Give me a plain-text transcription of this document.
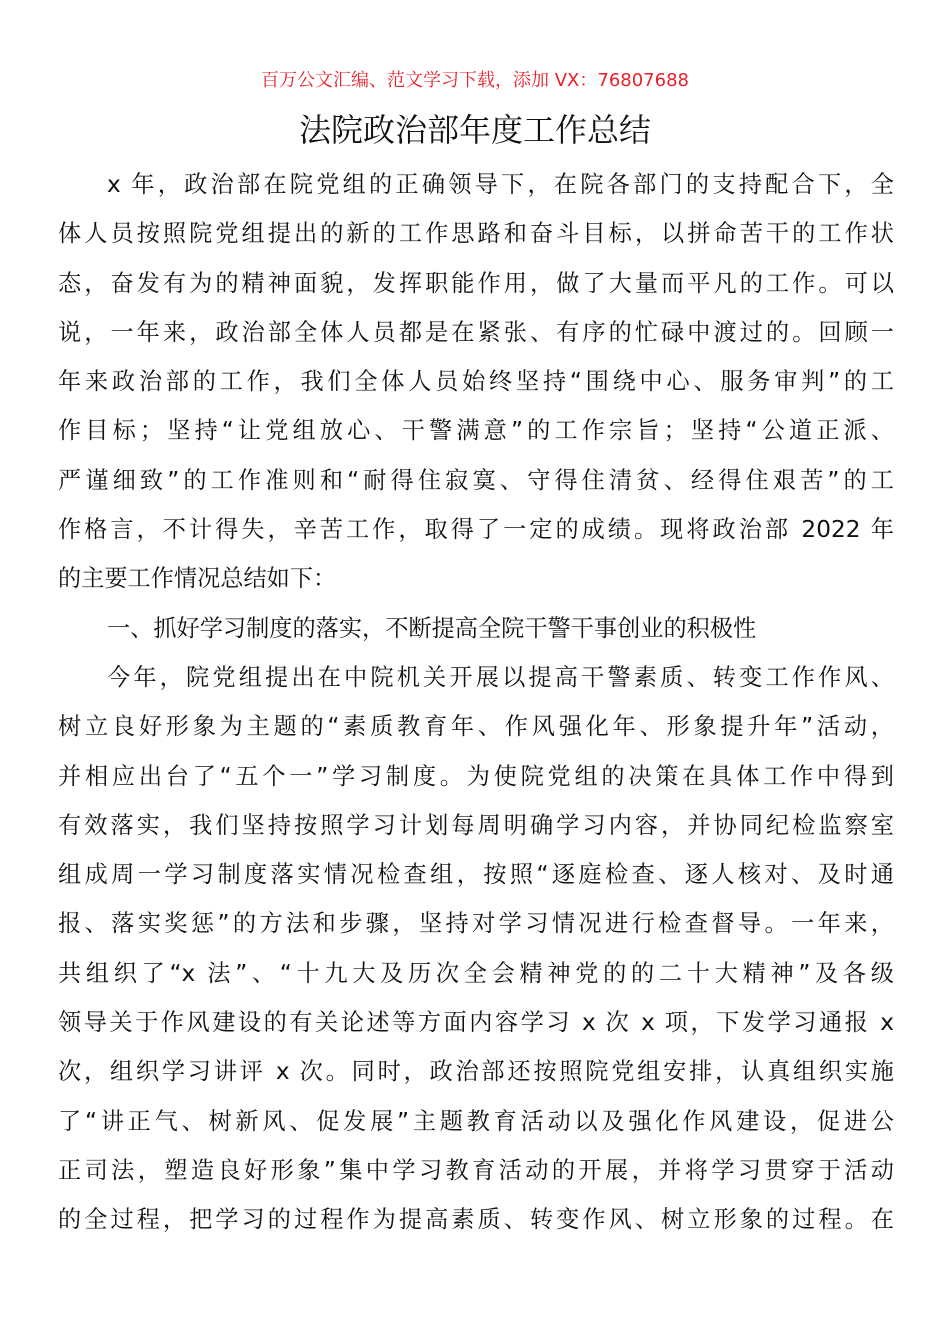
百万公文汇编、范文学习下载，添加 VX：76807688
法院政治部年度工作总结
x 年，政治部在院党组的正确领导下，在院各部门的支持配合下，全
体人员按照院党组提出的新的工作思路和奋斗目标，以拼命苦干的工作状
态，奋发有为的精神面貌，发挥职能作用，做了大量而平凡的工作。可以
说，一年来，政治部全体人员都是在紧张、有序的忙碌中渡过的。回顾一
年来政治部的工作，我们全体人员始终坚持“围绕中心、服务审判”的工
作目标；坚持“让党组放心、干警满意”的工作宗旨；坚持“公道正派、
严谨细致”的工作准则和“耐得住寂寞、守得住清贫、经得住艰苦”的工
作格言，不计得失，辛苦工作，取得了一定的成绩。现将政治部 2022 年
的主要工作情况总结如下：
一、抓好学习制度的落实，不断提高全院干警干事创业的积极性
今年，院党组提出在中院机关开展以提高干警素质、转变工作作风、
树立良好形象为主题的“素质教育年、作风强化年、形象提升年”活动，
并相应出台了“五个一”学习制度。为使院党组的决策在具体工作中得到
有效落实，我们坚持按照学习计划每周明确学习内容，并协同纪检监察室
组成周一学习制度落实情况检查组，按照“逐庭检查、逐人核对、及时通
报、落实奖惩”的方法和步骤，坚持对学习情况进行检查督导。一年来，
共组织了“x 法”、“十九大及历次全会精神党的的二十大精神”及各级
领导关于作风建设的有关论述等方面内容学习 x 次 x 项，下发学习通报 x
次，组织学习讲评 x 次。同时，政治部还按照院党组安排，认真组织实施
了“讲正气、树新风、促发展”主题教育活动以及强化作风建设，促进公
正司法，塑造良好形象”集中学习教育活动的开展，并将学习贯穿于活动
的全过程，把学习的过程作为提高素质、转变作风、树立形象的过程。在
